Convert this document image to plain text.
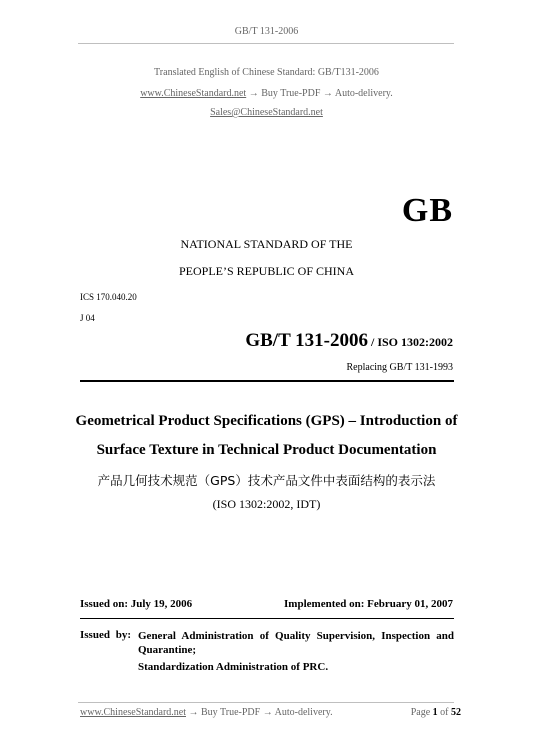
GB/T 131-2006
Translated English of Chinese Standard: GB/T131-2006
www.ChineseStandard.net → Buy True-PDF → Auto-delivery.
Sales@ChineseStandard.net
GB
NATIONAL STANDARD OF THE
PEOPLE’S REPUBLIC OF CHINA
ICS 170.040.20
J 04
GB/T 131-2006 / ISO 1302:2002
Replacing GB/T 131-1993
Geometrical Product Specifications (GPS) – Introduction of
Surface Texture in Technical Product Documentation
产品几何技术规范（GPS）技术产品文件中表面结构的表示法
(ISO 1302:2002, IDT)
Issued on: July 19, 2006	Implemented on: February 01, 2007
Issued by: General Administration of Quality Supervision, Inspection and Quarantine;
Standardization Administration of PRC.
www.ChineseStandard.net → Buy True-PDF → Auto-delivery.	Page 1 of 52
